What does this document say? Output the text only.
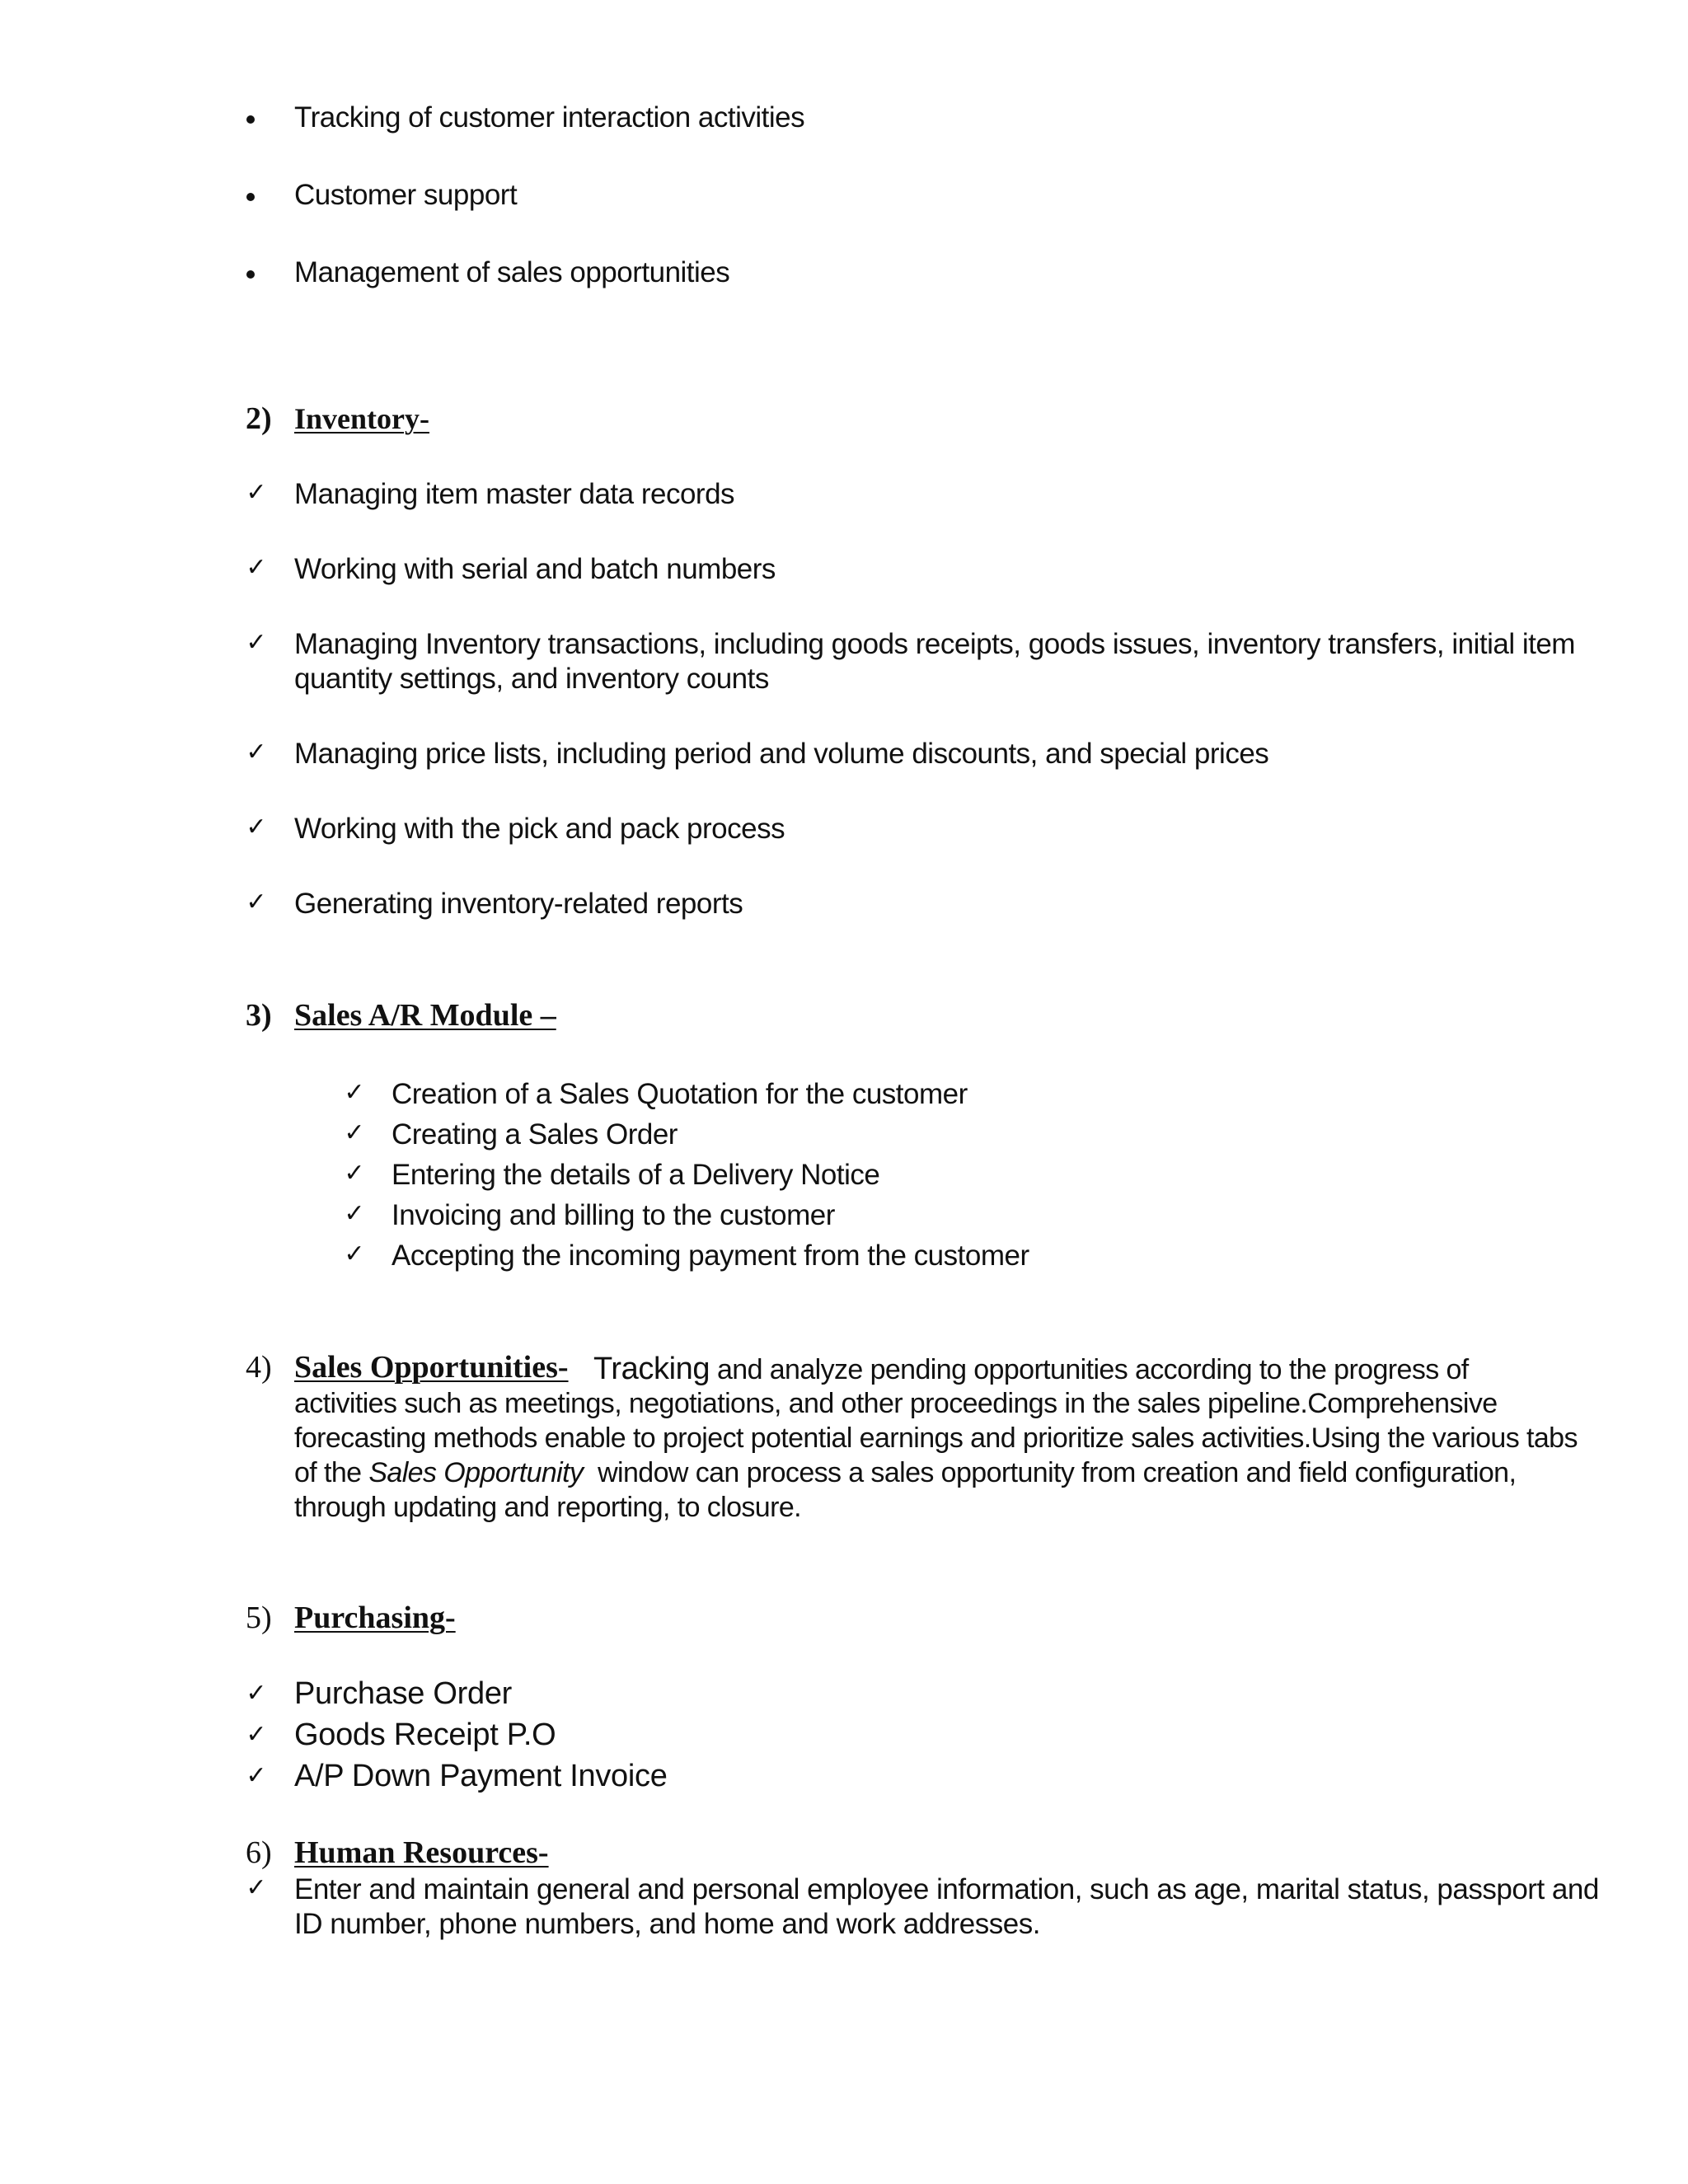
Tracking of customer interaction activities
Customer support
Management of sales opportunities
2) Inventory-
✓ Managing item master data records
✓ Working with serial and batch numbers
✓ Managing Inventory transactions, including goods receipts, goods issues, inventory transfers, initial item
quantity settings, and inventory counts
✓ Managing price lists, including period and volume discounts, and special prices
✓ Working with the pick and pack process
✓ Generating inventory-related reports
3) Sales A/R Module –
✓ Creation of a Sales Quotation for the customer
✓ Creating a Sales Order
✓ Entering the details of a Delivery Notice
✓ Invoicing and billing to the customer
✓ Accepting the incoming payment from the customer
4) Sales Opportunities- Tracking and analyze pending opportunities according to the progress of
activities such as meetings, negotiations, and other proceedings in the sales pipeline.Comprehensive
forecasting methods enable to project potential earnings and prioritize sales activities.Using the various tabs
of the Sales Opportunity  window can process a sales opportunity from creation and field configuration,
through updating and reporting, to closure.
5) Purchasing-
✓ Purchase Order
✓ Goods Receipt P.O
✓ A/P Down Payment Invoice
6) Human Resources-
✓ Enter and maintain general and personal employee information, such as age, marital status, passport and
ID number, phone numbers, and home and work addresses.
